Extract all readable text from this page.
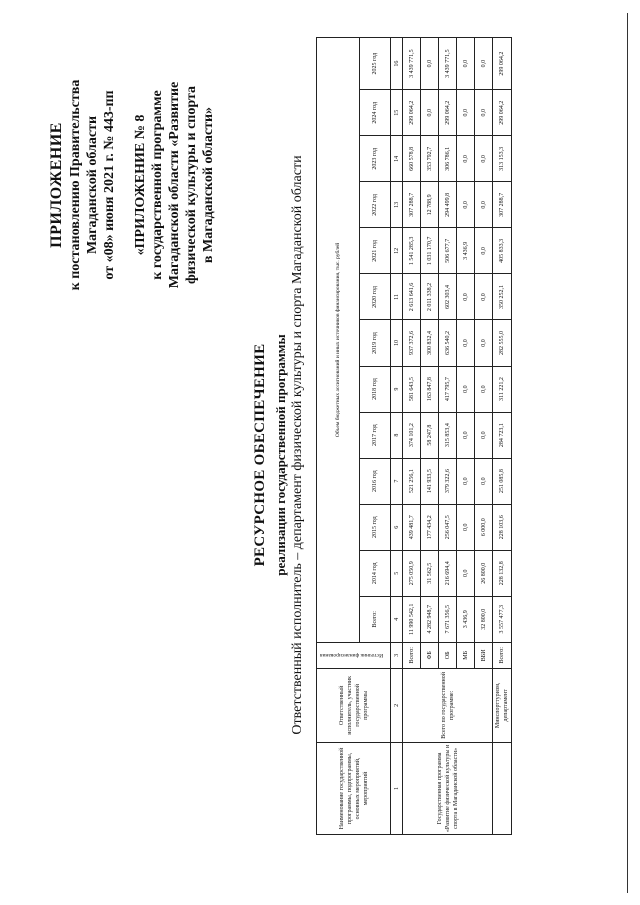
ПРИЛОЖЕНИЕ к постановлению Правительства Магаданской области от «08» июня 2021 г. № 443-пп «ПРИЛОЖЕНИЕ № 8 к государственной программе Магаданской области «Развитие физической культуры и спорта в Магаданской области»
РЕСУРСНОЕ ОБЕСПЕЧЕНИЕ реализации государственной программы Ответственный исполнитель – департамент физической культуры и спорта Магаданской области
Наименование государственной программы, подпрограммы, основных мероприятий, мероприятий	Ответственный исполнитель, участник государственной программы	Источник финансирования	Объем бюджетных ассигнований и иных источников финансирования, тыс. рублей												
			Всего:	2014 год	2015 год	2016 год	2017 год	2018 год	2019 год	2020 год	2021 год	2022 год	2023 год	2024 год	2025 год
1	2	3	4	5	6	7	8	9	10	11	12	13	14	15	16
Государственная программа «Развитие физической культуры и спорта в Магаданской области»	Всего по государственной программе:	Всего:	11 990 542,1	275 050,9	439 481,7	521 256,1	374 101,2	581 643,5	937 372,6	2 613 641,6	1 541 285,3	307 288,7	660 578,8	299 064,2	3 439 771,5
		ФБ	4 282 948,7	31 562,5	177 434,2	141 933,5	58 247,8	163 847,8	300 832,4	2 011 338,2	1 031 170,7	12 788,9	353 792,7	0,0	0,0
		ОБ	7 671 356,5	216 694,4	256 047,5	379 322,6	315 853,4	417 795,7	636 540,2	602 303,4	506 677,7	294 499,8	306 786,1	299 064,2	3 439 771,5
		МБ	3 436,9	0,0	0,0	0,0	0,0	0,0	0,0	0,0	3 436,9	0,0	0,0	0,0	0,0
		ВБИ	32 800,0	26 800,0	6 000,0	0,0	0,0	0,0	0,0	0,0	0,0	0,0	0,0	0,0	0,0
	Минспорттуризм, департамент	Всего:	3 557 477,3	228 132,8	228 103,6	251 085,8	284 723,1	311 221,2	282 555,0	350 252,1	405 833,3	307 288,7	313 153,3	299 064,2	299 064,2
